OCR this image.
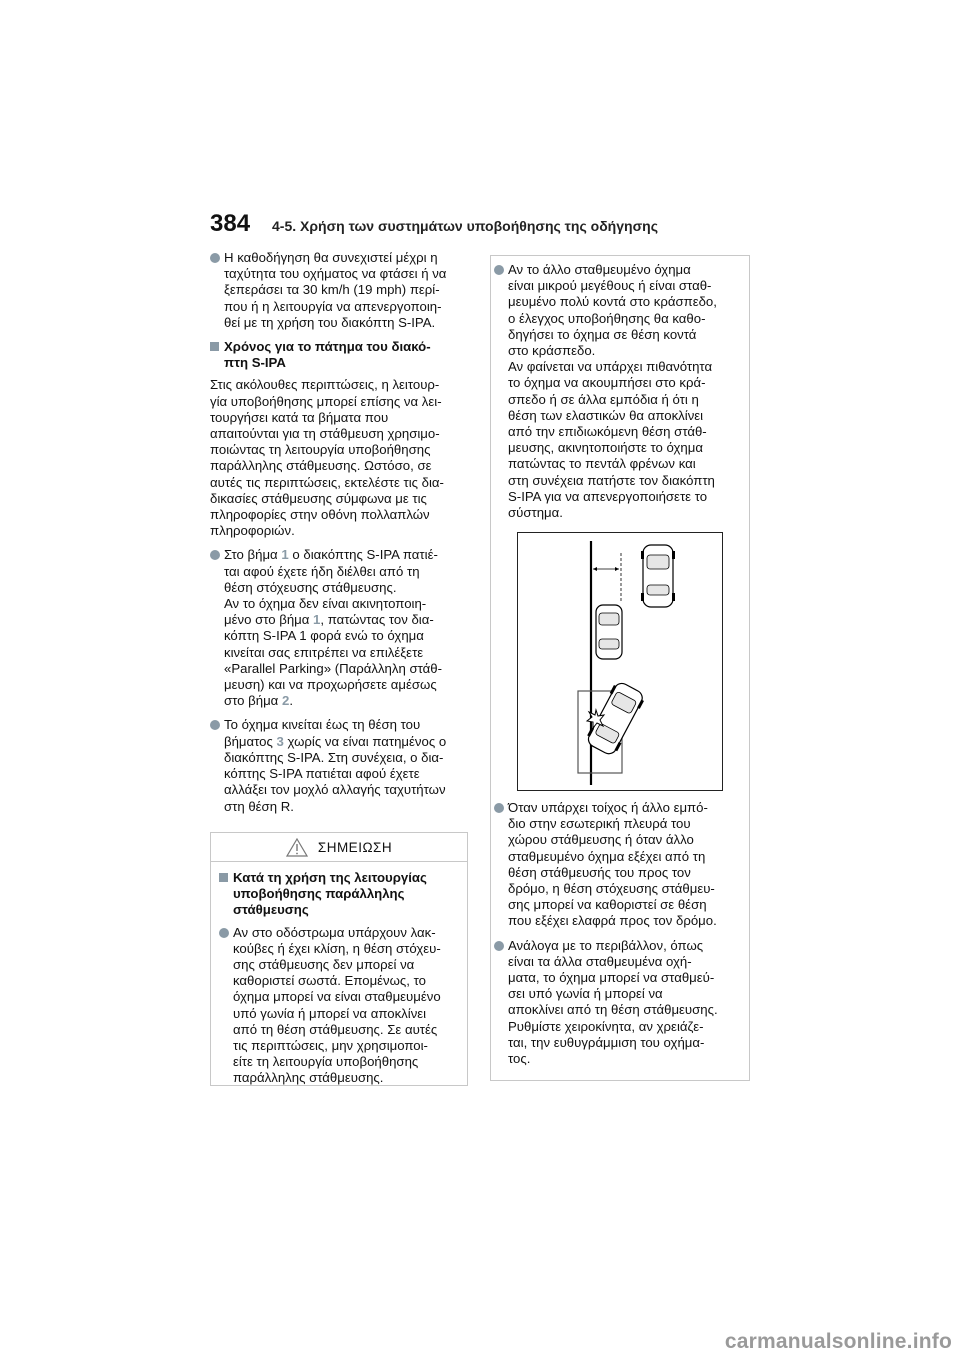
384	4-5. Χρήση των συστημάτων υποβοήθησης της οδήγησης
Η καθοδήγηση θα συνεχιστεί μέχρι η
ταχύτητα του οχήματος να φτάσει ή να
ξεπεράσει τα 30 km/h (19 mph) περί-
που ή η λειτουργία να απενεργοποιη-
θεί με τη χρήση του διακόπτη S-IPA.
Χρόνος για το πάτημα του διακό-
πτη S-IPA
Στις ακόλουθες περιπτώσεις, η λειτουρ-
γία υποβοήθησης μπορεί επίσης να λει-
τουργήσει κατά τα βήματα που
απαιτούνται για τη στάθμευση χρησιμο-
ποιώντας τη λειτουργία υποβοήθησης
παράλληλης στάθμευσης. Ωστόσο, σε
αυτές τις περιπτώσεις, εκτελέστε τις δια-
δικασίες στάθμευσης σύμφωνα με τις
πληροφορίες στην οθόνη πολλαπλών
πληροφοριών.
Στο βήμα 1 ο διακόπτης S-IPA πατιέ-
ται αφού έχετε ήδη διέλθει από τη
θέση στόχευσης στάθμευσης.
Αν το όχημα δεν είναι ακινητοποιη-
μένο στο βήμα 1, πατώντας τον δια-
κόπτη S-IPA 1 φορά ενώ το όχημα
κινείται σας επιτρέπει να επιλέξετε
«Parallel Parking» (Παράλληλη στάθ-
μευση) και να προχωρήσετε αμέσως
στο βήμα 2.
Το όχημα κινείται έως τη θέση του
βήματος 3 χωρίς να είναι πατημένος ο
διακόπτης S-IPA. Στη συνέχεια, ο δια-
κόπτης S-IPA πατιέται αφού έχετε
αλλάξει τον μοχλό αλλαγής ταχυτήτων
στη θέση R.
ΣΗΜΕΙΩΣΗ
Κατά τη χρήση της λειτουργίας
υποβοήθησης παράλληλης
στάθμευσης
Αν στο οδόστρωμα υπάρχουν λακ-
κούβες ή έχει κλίση, η θέση στόχευ-
σης στάθμευσης δεν μπορεί να
καθοριστεί σωστά. Επομένως, το
όχημα μπορεί να είναι σταθμευμένο
υπό γωνία ή μπορεί να αποκλίνει
από τη θέση στάθμευσης. Σε αυτές
τις περιπτώσεις, μην χρησιμοποι-
είτε τη λειτουργία υποβοήθησης
παράλληλης στάθμευσης.
Αν το άλλο σταθμευμένο όχημα
είναι μικρού μεγέθους ή είναι σταθ-
μευμένο πολύ κοντά στο κράσπεδο,
ο έλεγχος υποβοήθησης θα καθο-
δηγήσει το όχημα σε θέση κοντά
στο κράσπεδο.
Αν φαίνεται να υπάρχει πιθανότητα
το όχημα να ακουμπήσει στο κρά-
σπεδο ή σε άλλα εμπόδια ή ότι η
θέση των ελαστικών θα αποκλίνει
από την επιδιωκόμενη θέση στάθ-
μευσης, ακινητοποιήστε το όχημα
πατώντας το πεντάλ φρένων και
στη συνέχεια πατήστε τον διακόπτη
S-IPA για να απενεργοποιήσετε το
σύστημα.
Όταν υπάρχει τοίχος ή άλλο εμπό-
διο στην εσωτερική πλευρά του
χώρου στάθμευσης ή όταν άλλο
σταθμευμένο όχημα εξέχει από τη
θέση στάθμευσής του προς τον
δρόμο, η θέση στόχευσης στάθμευ-
σης μπορεί να καθοριστεί σε θέση
που εξέχει ελαφρά προς τον δρόμο.
Ανάλογα με το περιβάλλον, όπως
είναι τα άλλα σταθμευμένα οχή-
ματα, το όχημα μπορεί να σταθμεύ-
σει υπό γωνία ή μπορεί να
αποκλίνει από τη θέση στάθμευσης.
Ρυθμίστε χειροκίνητα, αν χρειάζε-
ται, την ευθυγράμμιση του οχήμα-
τος.
carmanualsonline.info
